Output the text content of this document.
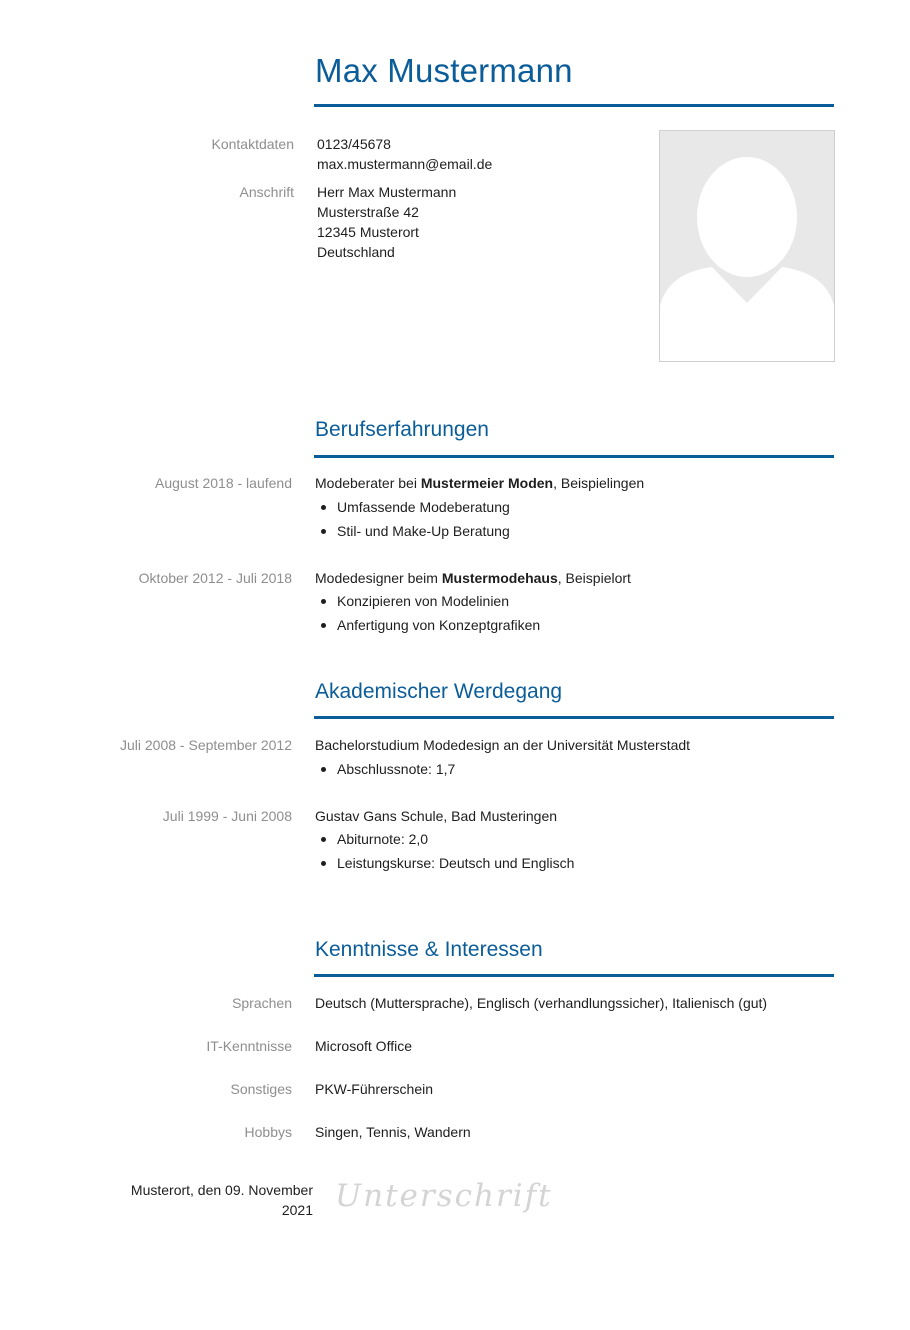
Max Mustermann
Kontaktdaten 0123/45678
max.mustermann@email.de
Anschrift Herr Max Mustermann
Musterstraße 42
12345 Musterort
Deutschland
Berufserfahrungen
August 2018 - laufend Modeberater bei Mustermeier Moden, Beispielingen
Umfassende Modeberatung
Stil- und Make-Up Beratung
Oktober 2012 - Juli 2018 Modedesigner beim Mustermodehaus, Beispielort
Konzipieren von Modelinien
Anfertigung von Konzeptgrafiken
Akademischer Werdegang
Juli 2008 - September 2012 Bachelorstudium Modedesign an der Universität Musterstadt
Abschlussnote: 1,7
Juli 1999 - Juni 2008 Gustav Gans Schule, Bad Musteringen
Abiturnote: 2,0
Leistungskurse: Deutsch und Englisch
Kenntnisse & Interessen
Sprachen Deutsch (Muttersprache), Englisch (verhandlungssicher), Italienisch (gut)
IT-Kenntnisse Microsoft Office
Sonstiges PKW-Führerschein
Hobbys Singen, Tennis, Wandern
Musterort, den 09. November
2021 Unterschrift
